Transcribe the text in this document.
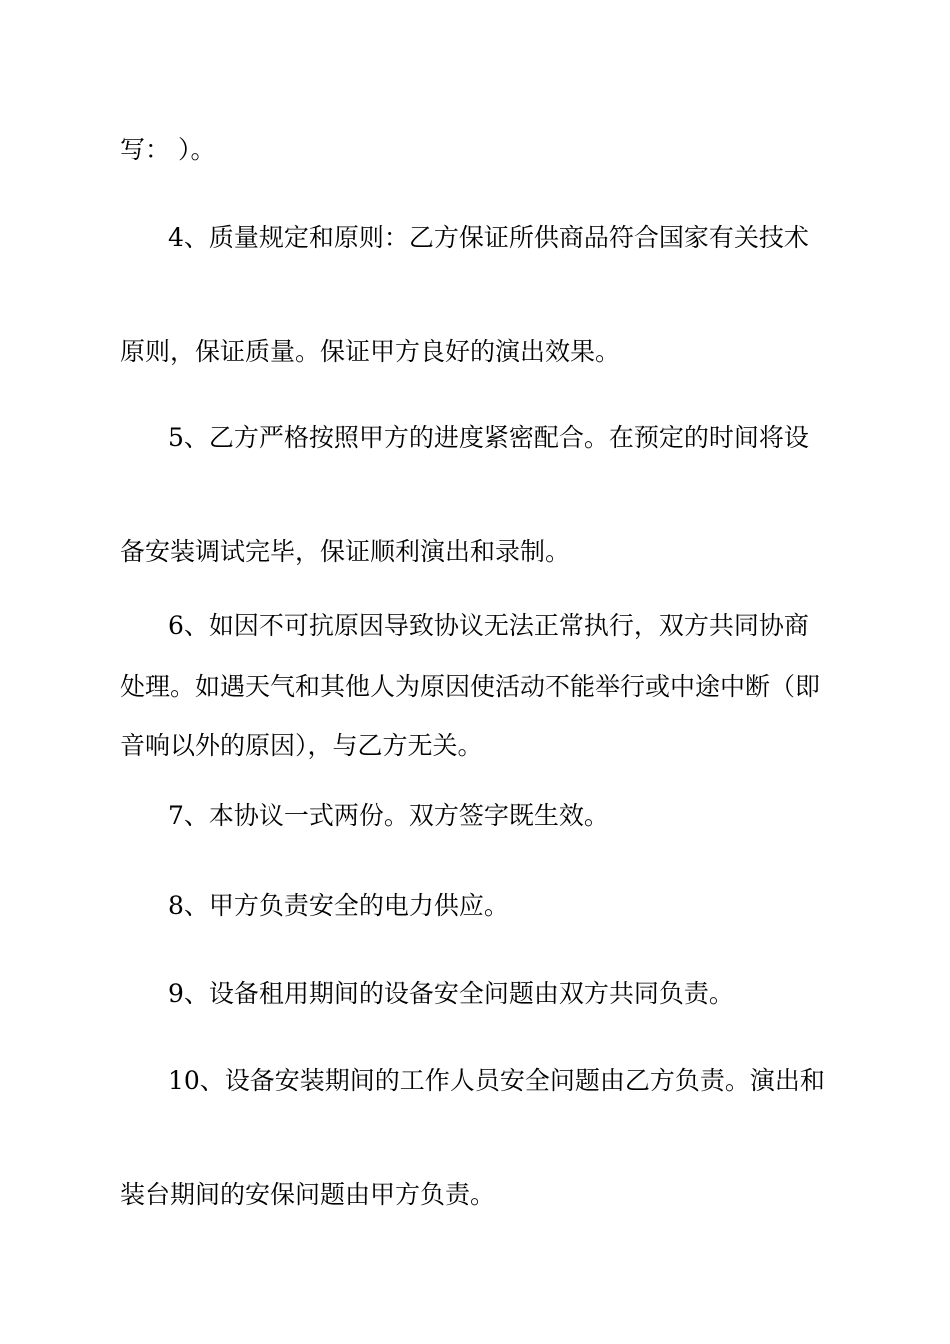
写： ）。

4、质量规定和原则：乙方保证所供商品符合国家有关技术

原则，保证质量。保证甲方良好的演出效果。

5、乙方严格按照甲方的进度紧密配合。在预定的时间将设

备安装调试完毕，保证顺利演出和录制。

6、如因不可抗原因导致协议无法正常执行，双方共同协商

处理。如遇天气和其他人为原因使活动不能举行或中途中断（即

音响以外的原因），与乙方无关。

7、本协议一式两份。双方签字既生效。

8、甲方负责安全的电力供应。

9、设备租用期间的设备安全问题由双方共同负责。

10、设备安装期间的工作人员安全问题由乙方负责。演出和

装台期间的安保问题由甲方负责。
